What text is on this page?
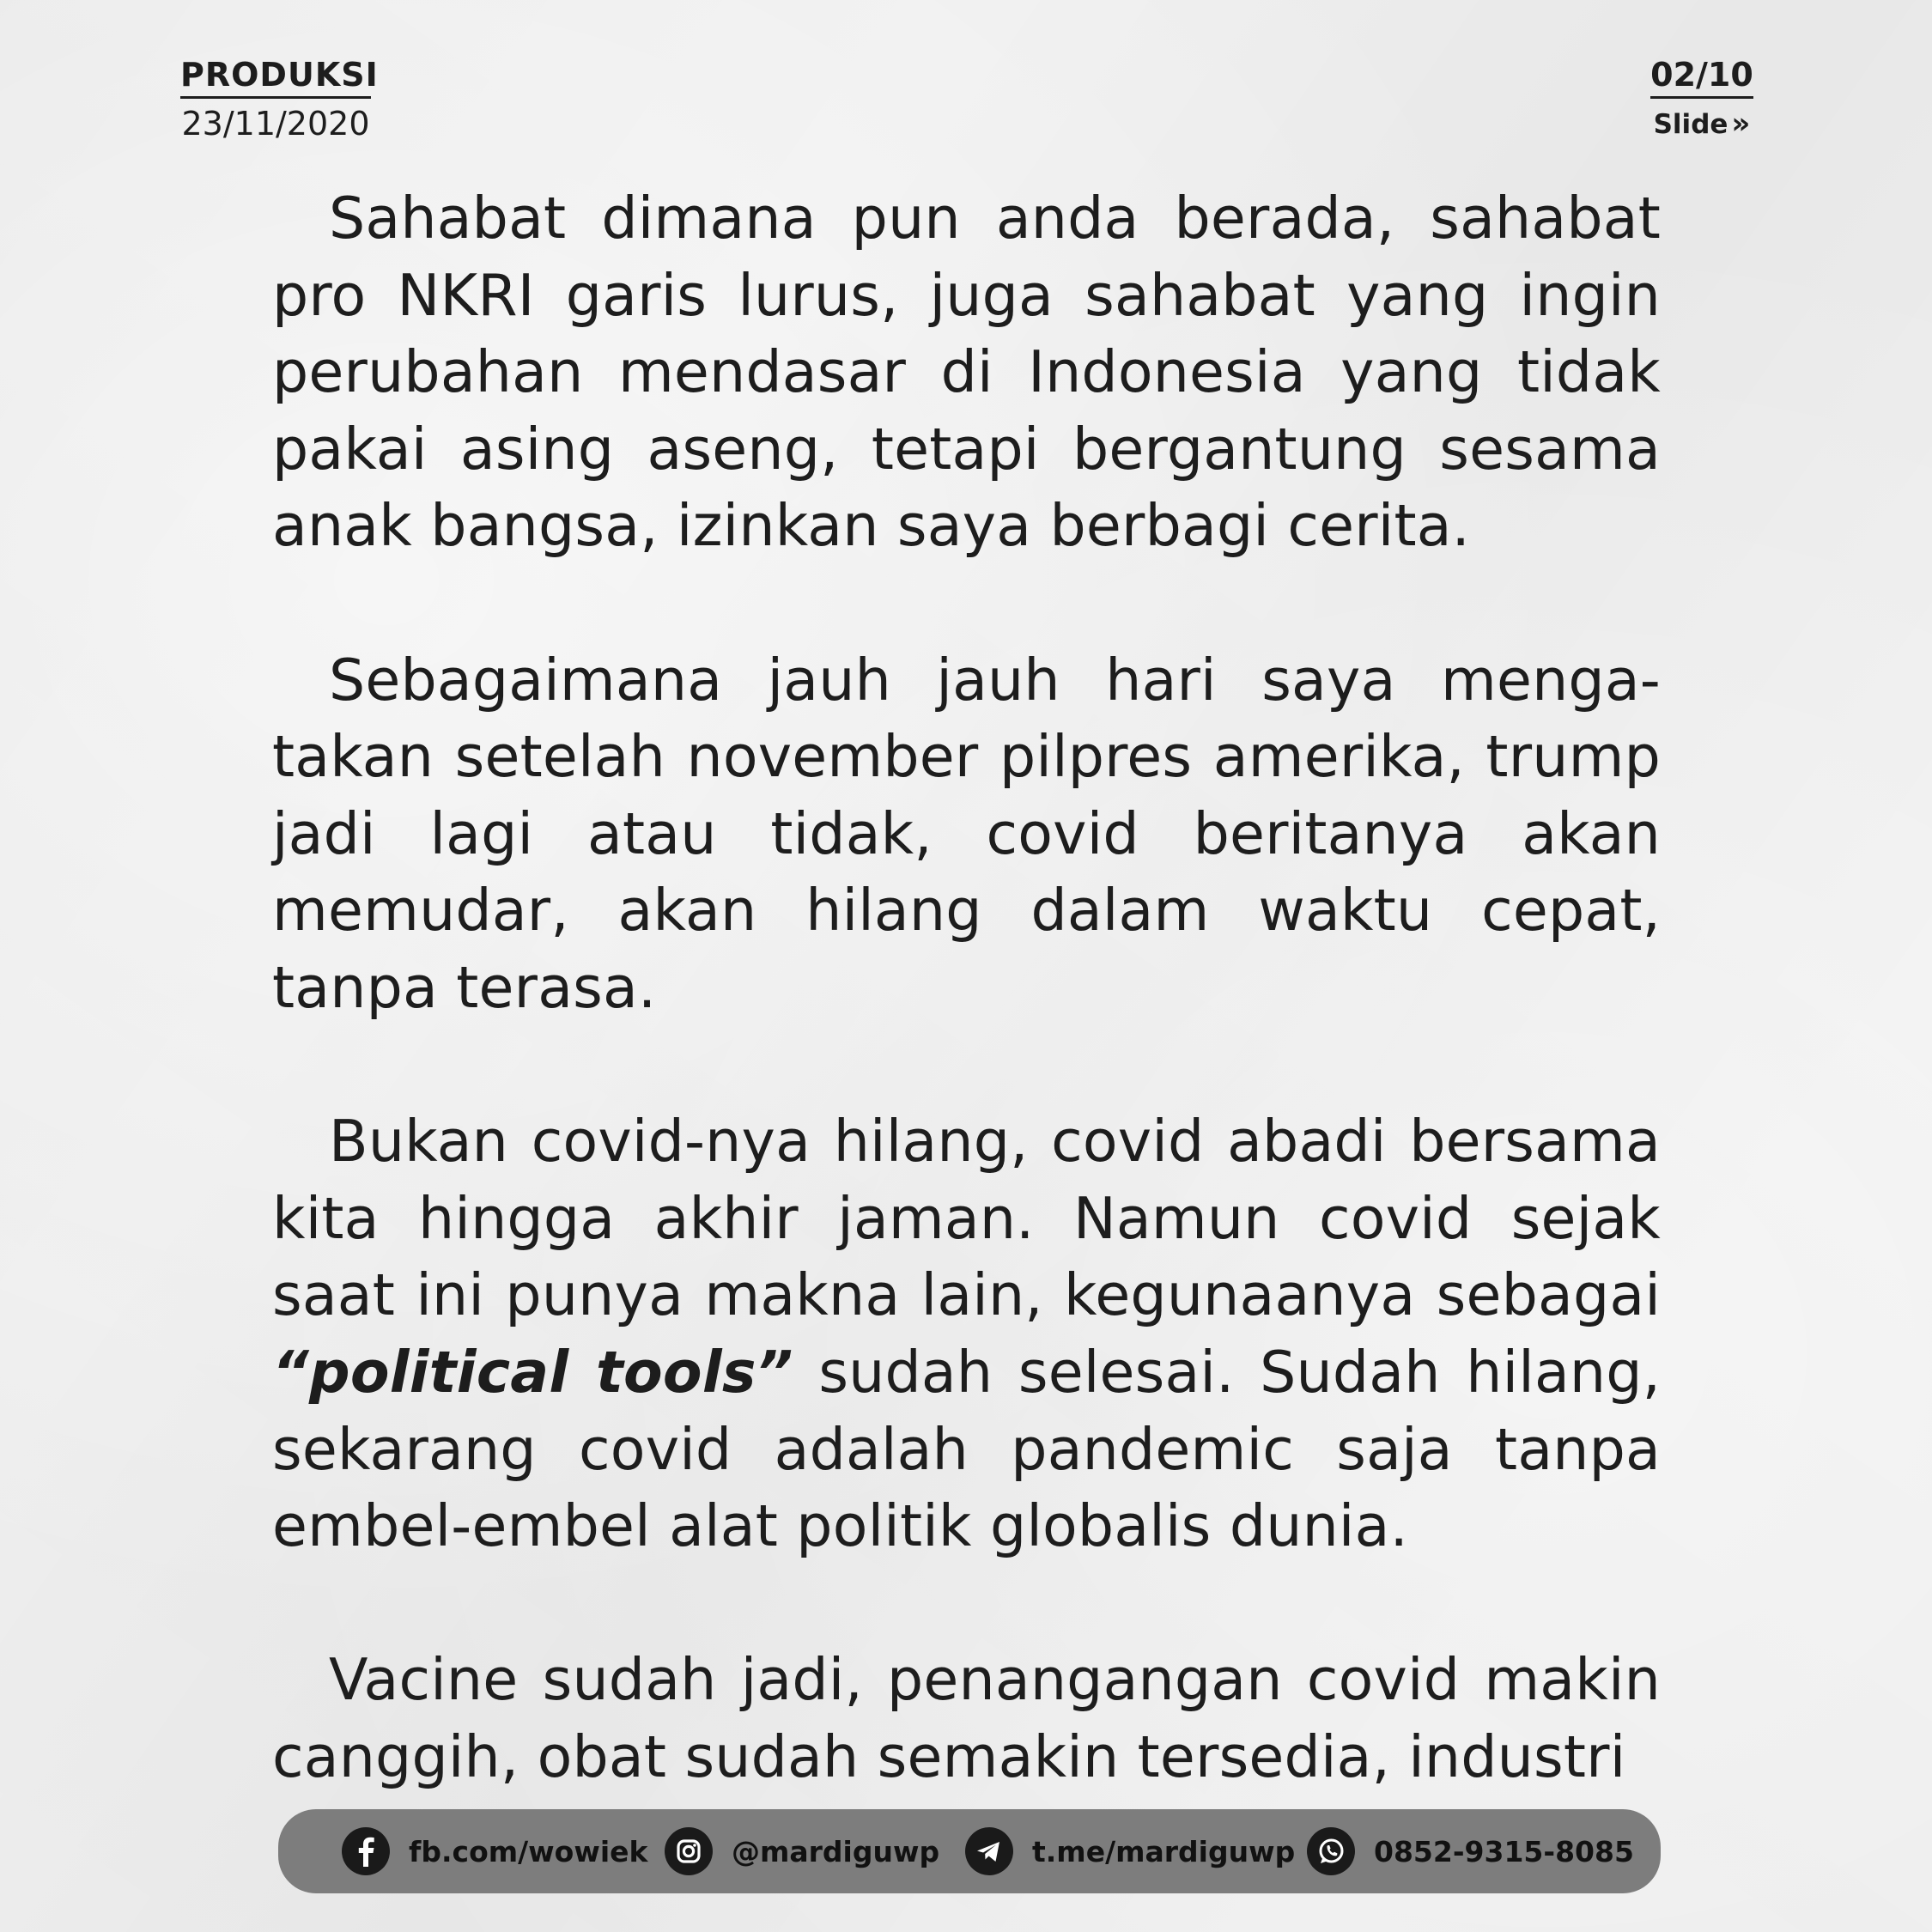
PRODUKSI
23/11/2020
02/10
Slide »

Sahabat dimana pun anda berada, sahabat pro NKRI garis lurus, juga sahabat yang ingin perubahan mendasar di Indonesia yang tidak pakai asing aseng, tetapi bergantung sesama anak bangsa, izinkan saya berbagi cerita.

Sebagaimana jauh jauh hari saya menga-takan setelah november pilpres amerika, trump jadi lagi atau tidak, covid beritanya akan memudar, akan hilang dalam waktu cepat, tanpa terasa.

Bukan covid-nya hilang, covid abadi bersama kita hingga akhir jaman. Namun covid sejak saat ini punya makna lain, kegunaanya sebagai “political tools” sudah selesai. Sudah hilang, sekarang covid adalah pandemic saja tanpa embel-embel alat politik globalis dunia.

Vacine sudah jadi, penangangan covid makin canggih, obat sudah semakin tersedia, industri

fb.com/wowiek	@mardiguwp	t.me/mardiguwp	0852-9315-8085
